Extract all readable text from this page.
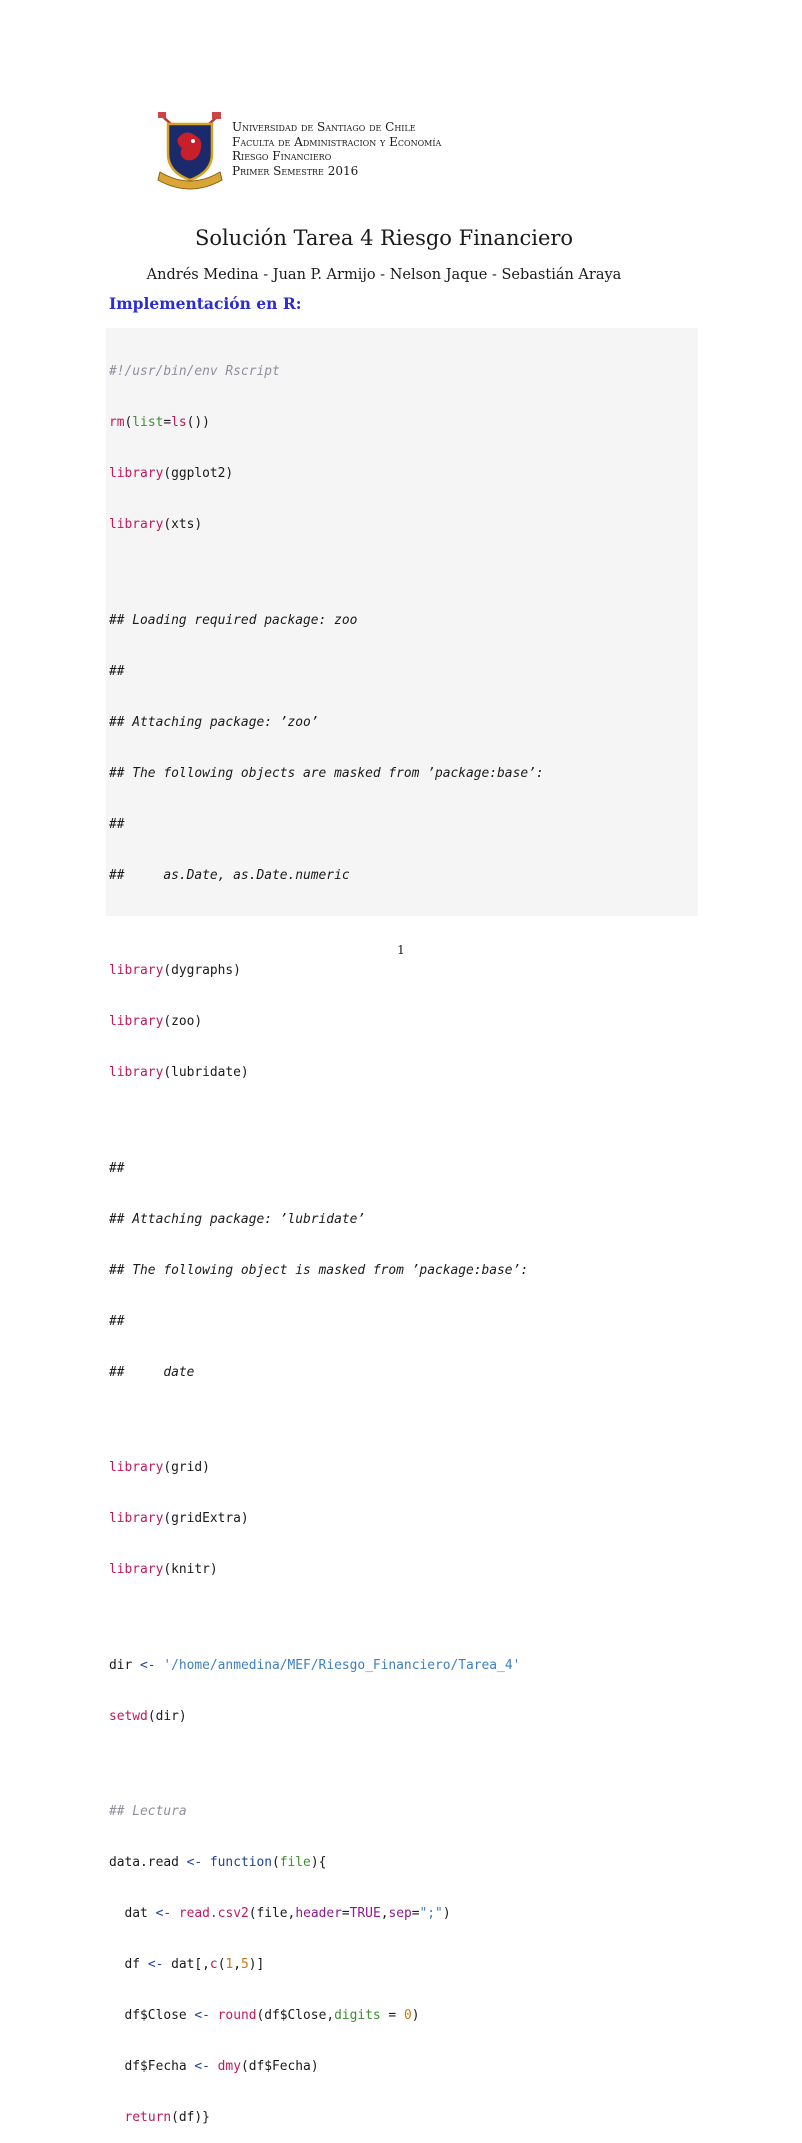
Universidad de Santiago de Chile
Faculta de Administracion y Economía
Riesgo Financiero
Primer Semestre 2016
Solución Tarea 4 Riesgo Financiero
Andrés Medina - Juan P. Armijo - Nelson Jaque - Sebastián Araya
Implementación en R:

#!/usr/bin/env Rscript

rm(list=ls())

library(ggplot2)

library(xts)

## Loading required package: zoo

##

## Attaching package: ’zoo’

## The following objects are masked from ’package:base’:

##

##     as.Date, as.Date.numeric

library(dygraphs)

library(zoo)

library(lubridate)

##

## Attaching package: ’lubridate’

## The following object is masked from ’package:base’:

##

##     date

library(grid)

library(gridExtra)

library(knitr)

dir <- '/home/anmedina/MEF/Riesgo_Financiero/Tarea_4'

setwd(dir)

## Lectura

data.read <- function(file){

dat <- read.csv2(file,header=TRUE,sep=";")

df <- dat[,c(1,5)]

df$Close <- round(df$Close,digits = 0)

df$Fecha <- dmy(df$Fecha)

return(df)}

1
